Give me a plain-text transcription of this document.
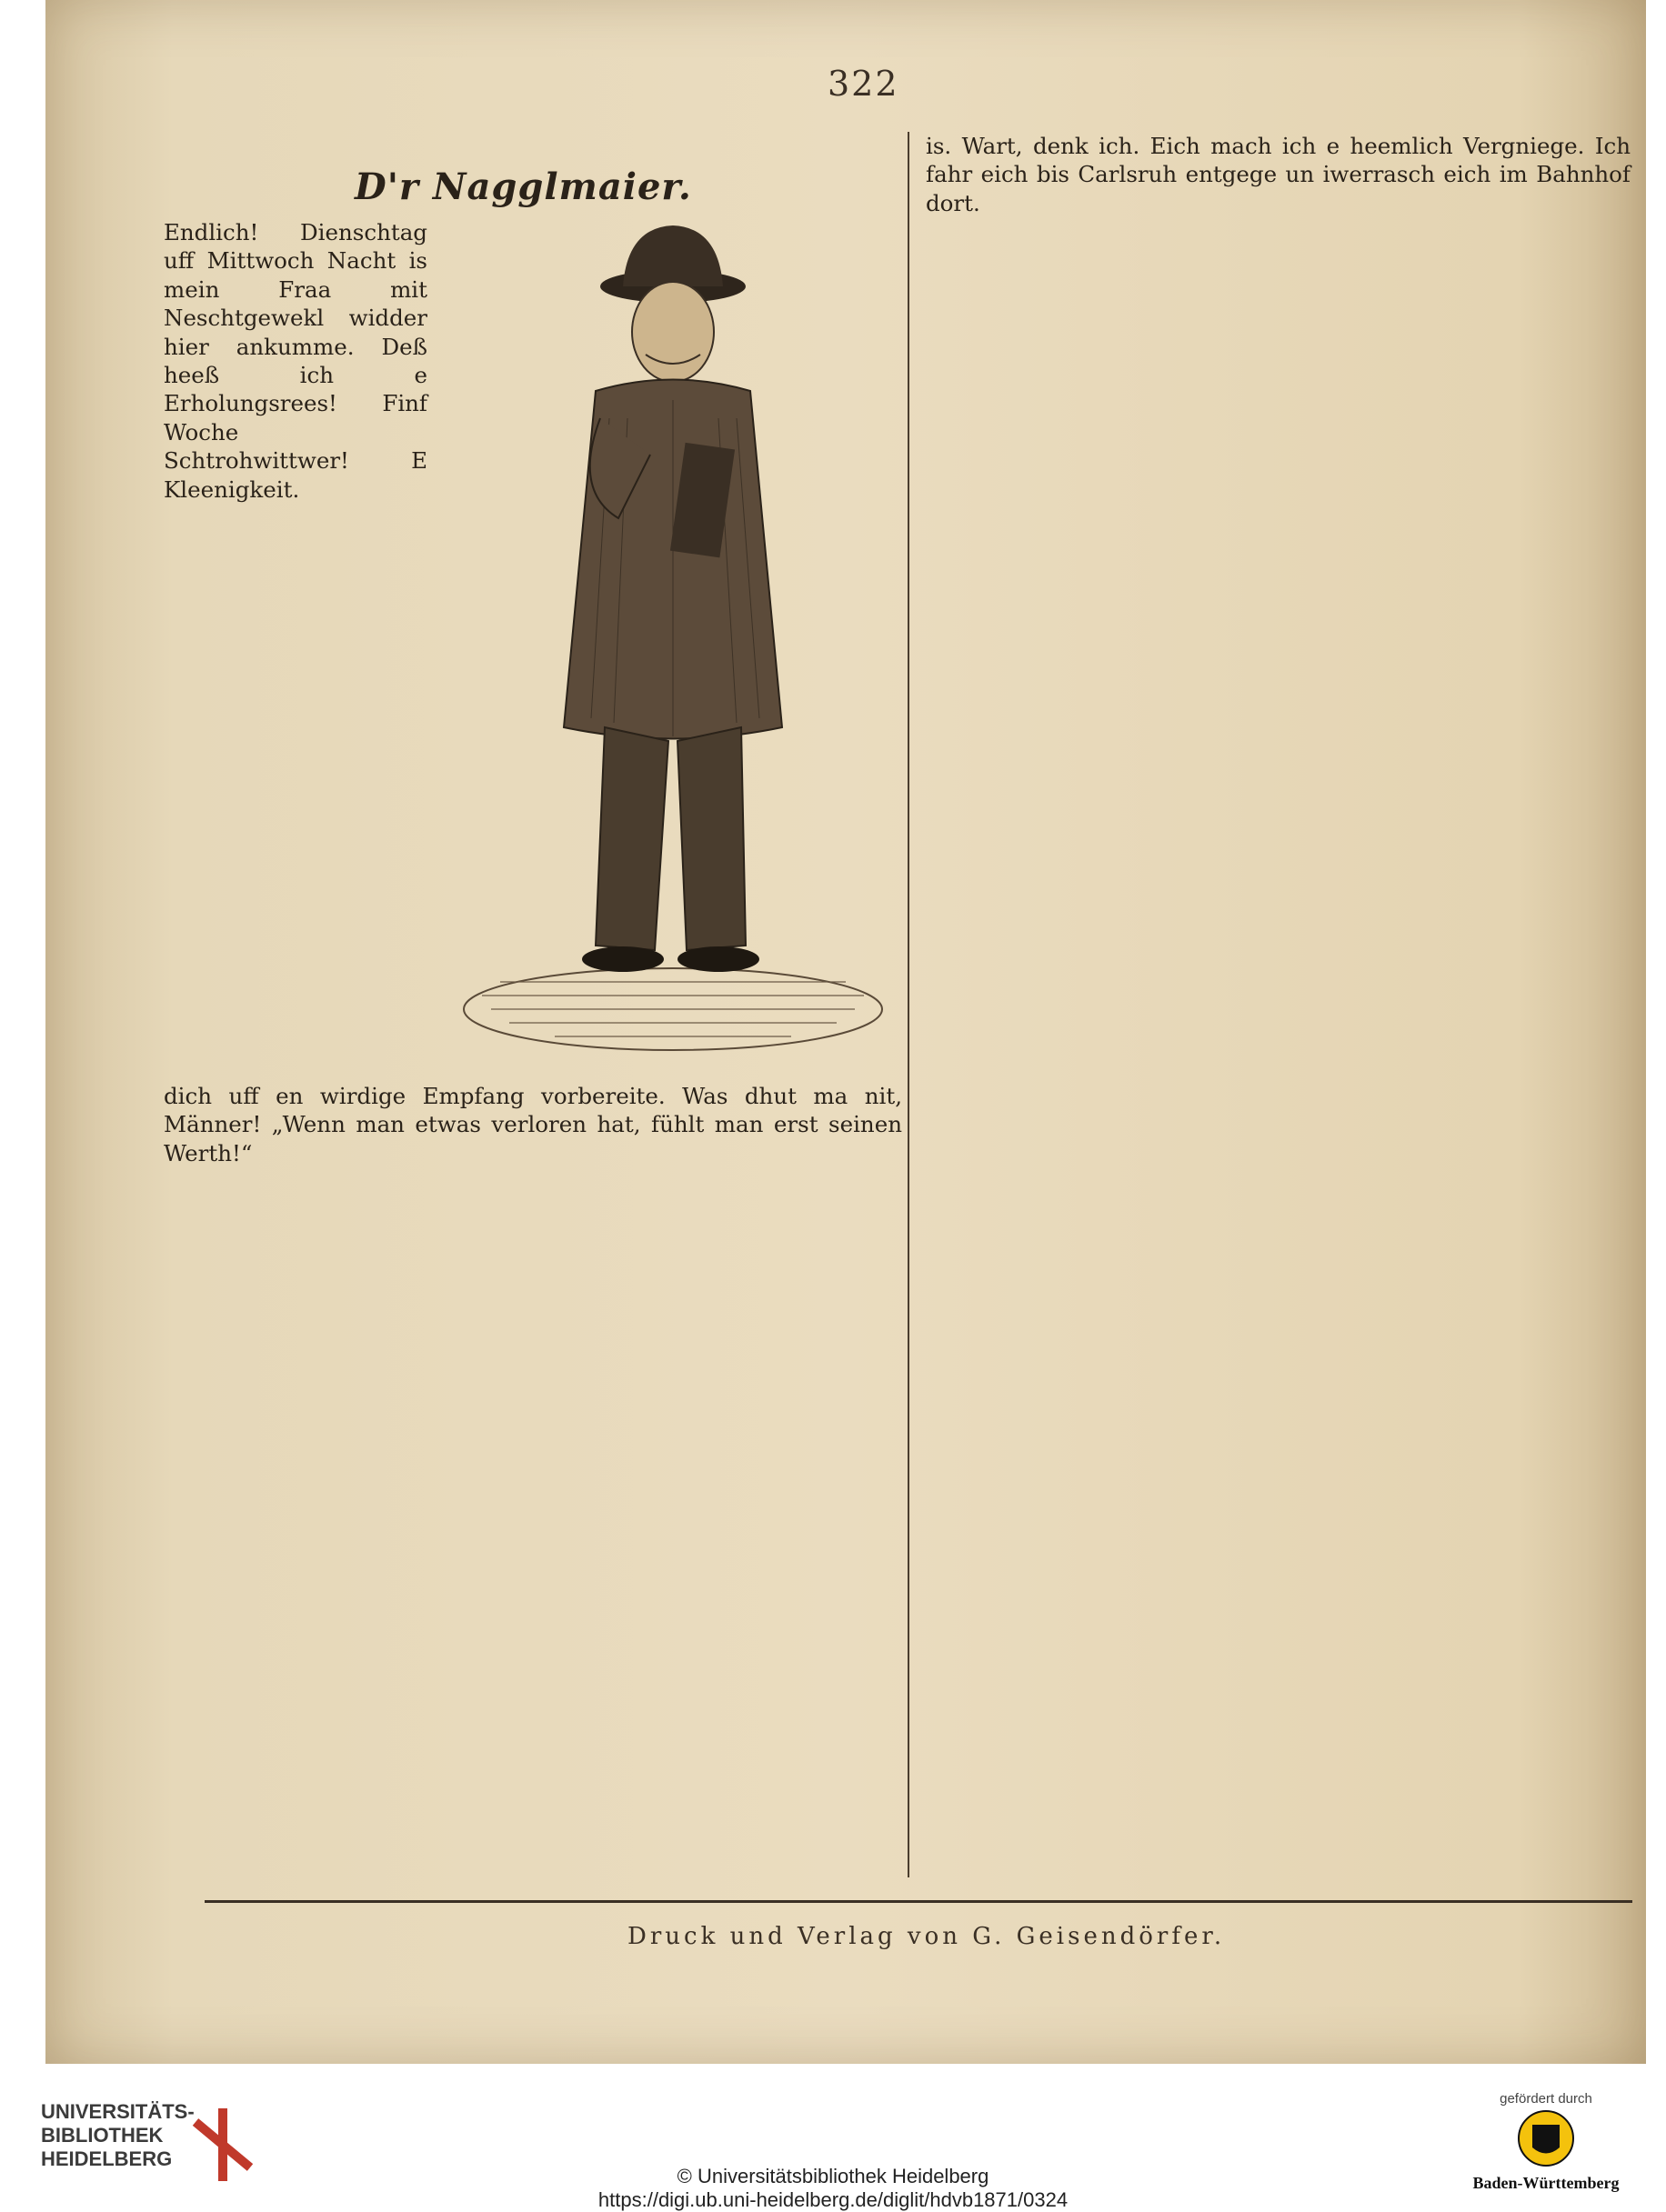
322
D'r Nagglmaier.

Endlich! Dienschtag uff Mittwoch Nacht is mein Fraa mit Neschtgewekl widder hier ankumme. Deß heeß ich e Erholungsrees! Finf Woche Schtrohwittwer! E Kleenigkeit.

dich uff en wirdige Empfang vorbereite. Was dhut ma nit, Männer! „Wenn man etwas verloren hat, fühlt man erst seinen Werth!“

is. Wart, denk ich. Eich mach ich e heemlich Vergniege. Ich fahr eich bis Carlsruh entgege un iwerrasch eich im Bahnhof dort.

Druck und Verlag von G. Geisendörfer.
UNIVERSITÄTS-
BIBLIOTHEK
HEIDELBERG
© Universitätsbibliothek Heidelberg
https://digi.ub.uni-heidelberg.de/diglit/hdvb1871/0324
gefördert durch
Baden-Württemberg
